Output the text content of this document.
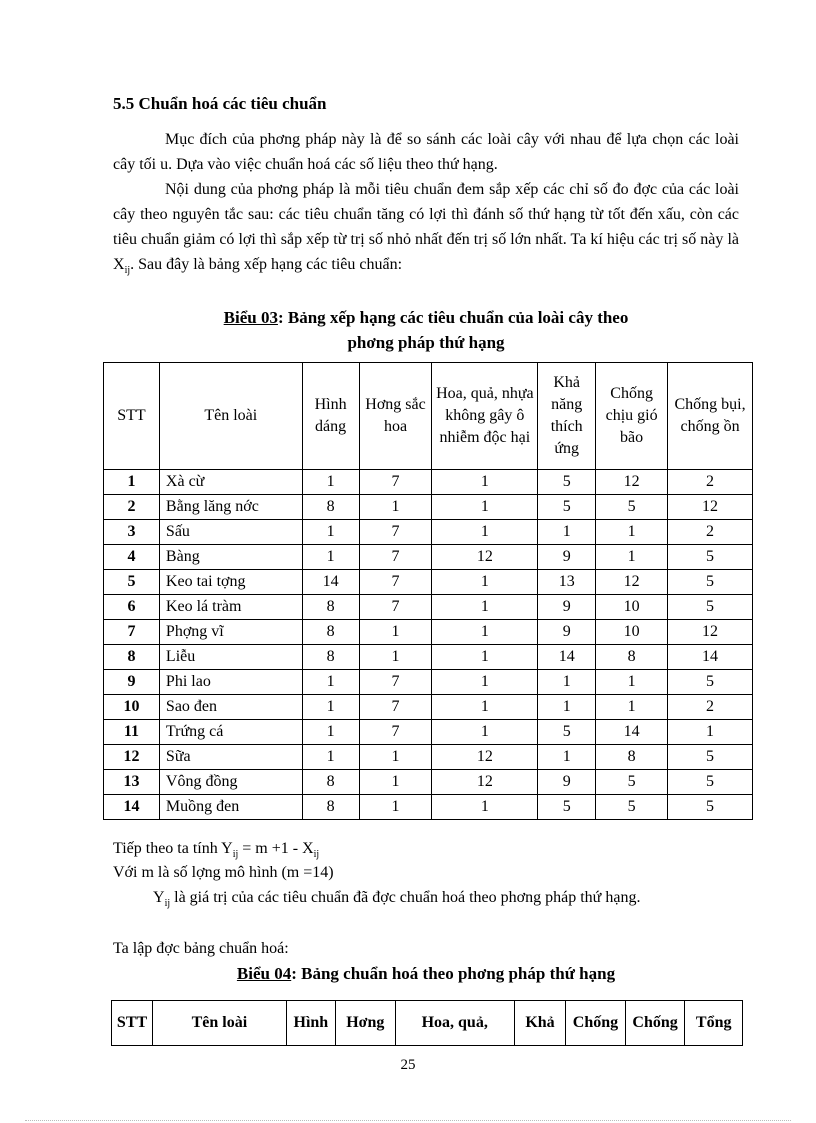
5.5 Chuẩn hoá các tiêu chuẩn
Mục đích của phơng pháp này là để so sánh các loài cây với nhau để lựa chọn các loài cây tối u. Dựa vào việc chuẩn hoá các số liệu theo thứ hạng.
Nội dung của phơng pháp là mỗi tiêu chuẩn đem sắp xếp các chỉ số đo đợc của các loài cây theo nguyên tắc sau: các tiêu chuẩn tăng có lợi thì đánh số thứ hạng từ tốt đến xấu, còn các tiêu chuẩn giảm có lợi thì sắp xếp từ trị số nhỏ nhất đến trị số lớn nhất. Ta kí hiệu các trị số này là $X_{ij}$. Sau đây là bảng xếp hạng các tiêu chuẩn:
Biểu 03: Bảng xếp hạng các tiêu chuẩn của loài cây theo
phơng pháp thứ hạng
STT	Tên loài	Hình dáng	Hơng sắc hoa	Hoa, quả, nhựa không gây ô nhiễm độc hại	Khả năng thích ứng	Chống chịu gió bão	Chống bụi, chống ồn
1	Xà cừ	1	7	1	5	12	2
2	Bằng lăng nớc	8	1	1	5	5	12
3	Sấu	1	7	1	1	1	2
4	Bàng	1	7	12	9	1	5
5	Keo tai tợng	14	7	1	13	12	5
6	Keo lá tràm	8	7	1	9	10	5
7	Phợng vĩ	8	1	1	9	10	12
8	Liễu	8	1	1	14	8	14
9	Phi lao	1	7	1	1	1	5
10	Sao đen	1	7	1	1	1	2
11	Trứng cá	1	7	1	5	14	1
12	Sữa	1	1	12	1	8	5
13	Vông đồng	8	1	12	9	5	5
14	Muồng đen	8	1	1	5	5	5
Tiếp theo ta tính $Y_{ij} = m +1 - X_{ij}$
Với m là số lợng mô hình (m =14)
$Y_{ij}$ là giá trị của các tiêu chuẩn đã đợc chuẩn hoá theo phơng pháp thứ hạng.
Ta lập đợc bảng chuẩn hoá:
Biểu 04: Bảng chuẩn hoá theo phơng pháp thứ hạng
STT	Tên loài	Hình	Hơng	Hoa, quả,	Khả	Chống	Chống	Tổng
25
